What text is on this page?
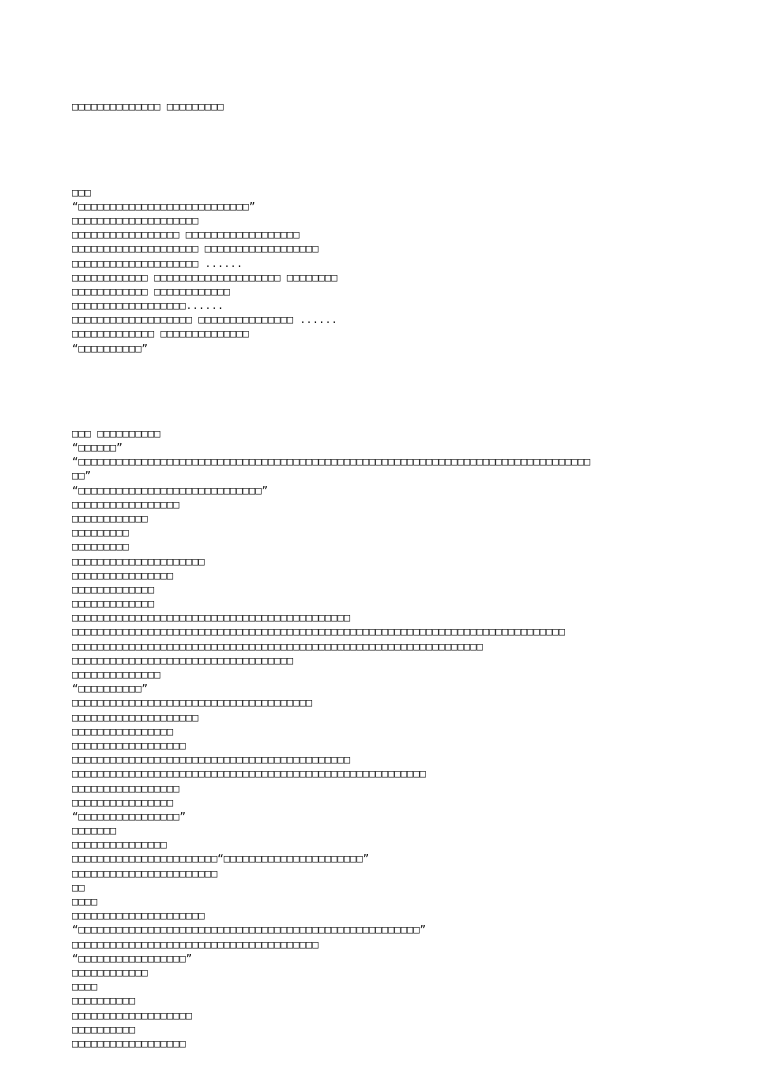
□□□□□□□□□□□□□□ □□□□□□□□□

□□□
“□□□□□□□□□□□□□□□□□□□□□□□□□□□”
□□□□□□□□□□□□□□□□□□□□
□□□□□□□□□□□□□□□□□ □□□□□□□□□□□□□□□□□□
□□□□□□□□□□□□□□□□□□□□ □□□□□□□□□□□□□□□□□□
□□□□□□□□□□□□□□□□□□□□ ......
□□□□□□□□□□□□ □□□□□□□□□□□□□□□□□□□□ □□□□□□□□
□□□□□□□□□□□□ □□□□□□□□□□□□
□□□□□□□□□□□□□□□□□□......
□□□□□□□□□□□□□□□□□□□ □□□□□□□□□□□□□□□ ......
□□□□□□□□□□□□□ □□□□□□□□□□□□□□
“□□□□□□□□□□”

□□□ □□□□□□□□□□
“□□□□□□”
“□□□□□□□□□□□□□□□□□□□□□□□□□□□□□□□□□□□□□□□□□□□□□□□□□□□□□□□□□□□□□□□□□□□□□□□□□□□□□□□□□
□□”
“□□□□□□□□□□□□□□□□□□□□□□□□□□□□□”
□□□□□□□□□□□□□□□□□
□□□□□□□□□□□□
□□□□□□□□□
□□□□□□□□□
□□□□□□□□□□□□□□□□□□□□□
□□□□□□□□□□□□□□□□
□□□□□□□□□□□□□
□□□□□□□□□□□□□
□□□□□□□□□□□□□□□□□□□□□□□□□□□□□□□□□□□□□□□□□□□□
□□□□□□□□□□□□□□□□□□□□□□□□□□□□□□□□□□□□□□□□□□□□□□□□□□□□□□□□□□□□□□□□□□□□□□□□□□□□□□
□□□□□□□□□□□□□□□□□□□□□□□□□□□□□□□□□□□□□□□□□□□□□□□□□□□□□□□□□□□□□□□□□
□□□□□□□□□□□□□□□□□□□□□□□□□□□□□□□□□□□
□□□□□□□□□□□□□□
“□□□□□□□□□□”
□□□□□□□□□□□□□□□□□□□□□□□□□□□□□□□□□□□□□□
□□□□□□□□□□□□□□□□□□□□
□□□□□□□□□□□□□□□□
□□□□□□□□□□□□□□□□□□
□□□□□□□□□□□□□□□□□□□□□□□□□□□□□□□□□□□□□□□□□□□□
□□□□□□□□□□□□□□□□□□□□□□□□□□□□□□□□□□□□□□□□□□□□□□□□□□□□□□□□
□□□□□□□□□□□□□□□□□
□□□□□□□□□□□□□□□□
“□□□□□□□□□□□□□□□□”
□□□□□□□
□□□□□□□□□□□□□□□
□□□□□□□□□□□□□□□□□□□□□□□“□□□□□□□□□□□□□□□□□□□□□□”
□□□□□□□□□□□□□□□□□□□□□□□
□□
□□□□
□□□□□□□□□□□□□□□□□□□□□
“□□□□□□□□□□□□□□□□□□□□□□□□□□□□□□□□□□□□□□□□□□□□□□□□□□□□□□”
□□□□□□□□□□□□□□□□□□□□□□□□□□□□□□□□□□□□□□□
“□□□□□□□□□□□□□□□□□”
□□□□□□□□□□□□
□□□□
□□□□□□□□□□
□□□□□□□□□□□□□□□□□□□
□□□□□□□□□□
□□□□□□□□□□□□□□□□□□
